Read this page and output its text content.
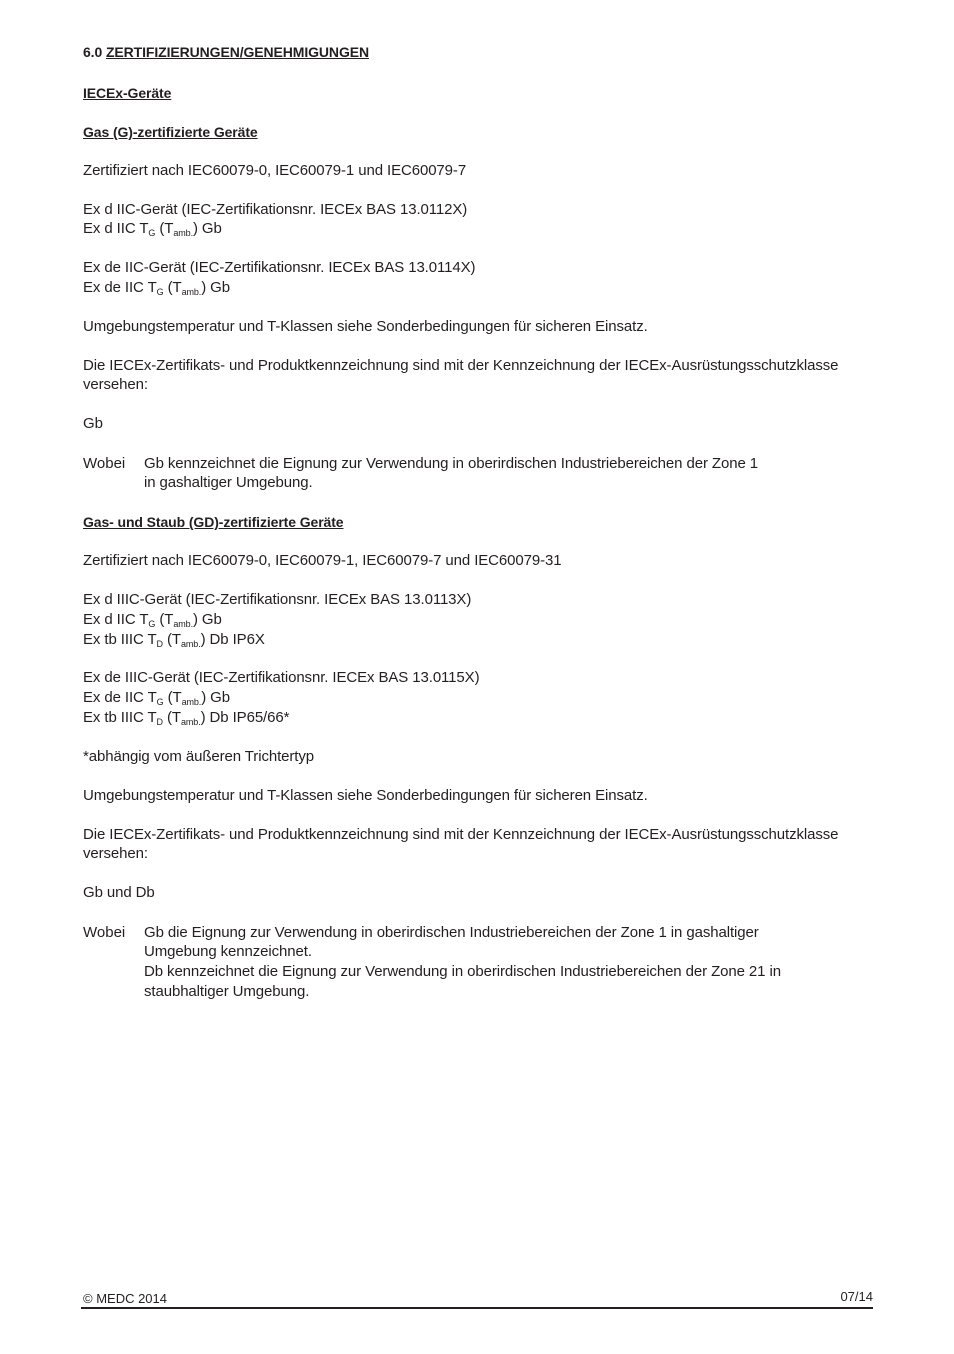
6.0 ZERTIFIZIERUNGEN/GENEHMIGUNGEN
IECEx-Geräte
Gas (G)-zertifizierte Geräte
Zertifiziert nach IEC60079-0, IEC60079-1 und IEC60079-7
Ex d IIC-Gerät (IEC-Zertifikationsnr. IECEx BAS 13.0112X)
Ex d IIC $T_G$ $(T_{amb.})$ Gb
Ex de IIC-Gerät (IEC-Zertifikationsnr. IECEx BAS 13.0114X)
Ex de IIC $T_G$ $(T_{amb.})$ Gb
Umgebungstemperatur und T-Klassen siehe Sonderbedingungen für sicheren Einsatz.
Die IECEx-Zertifikats- und Produktkennzeichnung sind mit der Kennzeichnung der IECEx-Ausrüstungsschutzklasse
versehen:
Gb
Wobei Gb kennzeichnet die Eignung zur Verwendung in oberirdischen Industriebereichen der Zone 1
in gashaltiger Umgebung.
Gas- und Staub (GD)-zertifizierte Geräte
Zertifiziert nach IEC60079-0, IEC60079-1, IEC60079-7 und IEC60079-31
Ex d IIIC-Gerät (IEC-Zertifikationsnr. IECEx BAS 13.0113X)
Ex d IIC $T_G$ $(T_{amb.})$ Gb
Ex tb IIIC $T_D$ $(T_{amb.})$ Db IP6X
Ex de IIIC-Gerät (IEC-Zertifikationsnr. IECEx BAS 13.0115X)
Ex de IIC $T_G$ $(T_{amb.})$ Gb
Ex tb IIIC $T_D$ $(T_{amb.})$ Db IP65/66*
*abhängig vom äußeren Trichtertyp
Umgebungstemperatur und T-Klassen siehe Sonderbedingungen für sicheren Einsatz.
Die IECEx-Zertifikats- und Produktkennzeichnung sind mit der Kennzeichnung der IECEx-Ausrüstungsschutzklasse
versehen:
Gb und Db
Wobei Gb die Eignung zur Verwendung in oberirdischen Industriebereichen der Zone 1 in gashaltiger
Umgebung kennzeichnet.
Db kennzeichnet die Eignung zur Verwendung in oberirdischen Industriebereichen der Zone 21 in
staubhaltiger Umgebung.
© MEDC 2014	07/14
